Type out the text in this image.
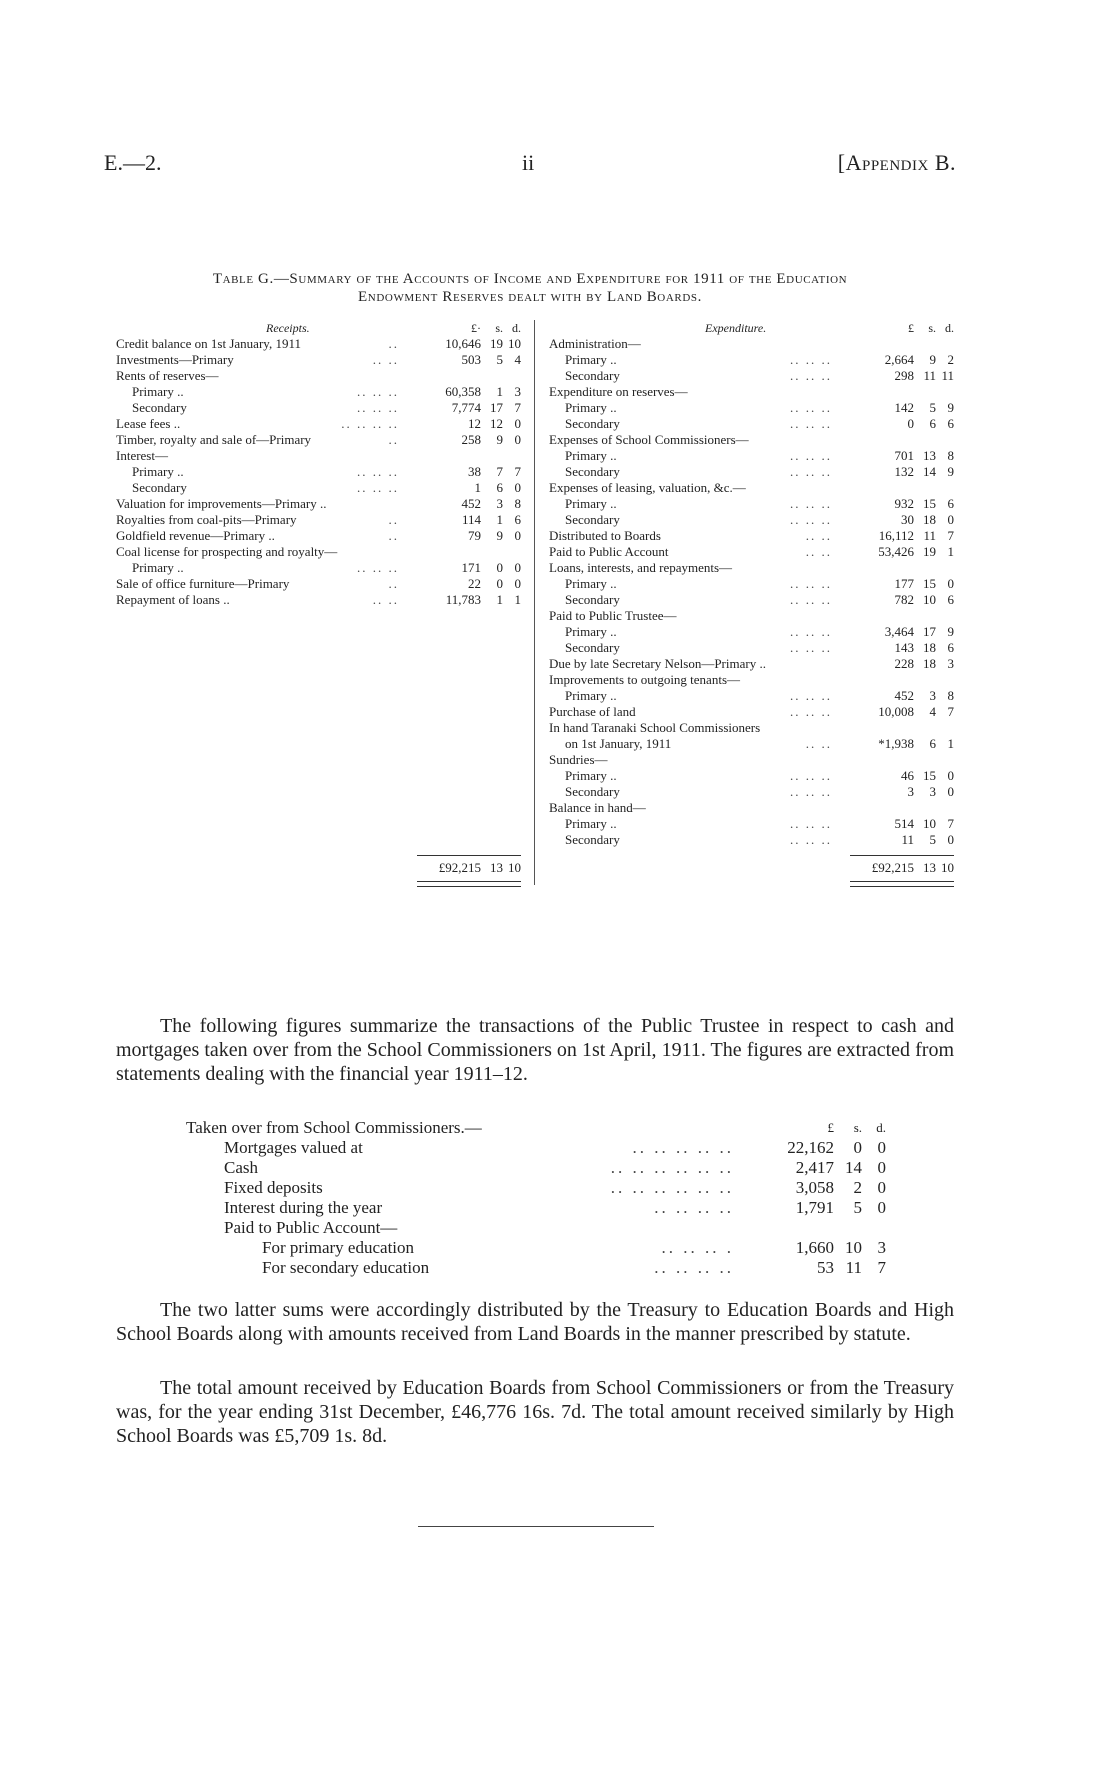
E.—2.	ii	[Appendix B.
Table G.—Summary of the Accounts of Income and Expenditure for 1911 of the Education
Endowment Reserves dealt with by Land Boards.
Receipts.	£·	s. d.
Credit balance on 1st January, 1911	..	10,646 19 10
Investments—Primary	.. ..	503	5 4
Rents of reserves—
Primary ..	.. .. ..	60,358	1 3
Secondary	.. .. ..	7,774 17 7
Lease fees ..	.. .. .. ..	12 12 0
Timber, royalty and sale of—Primary	..	258	9 0
Interest—
Primary ..	.. .. ..	38	7 7
Secondary	.. .. ..	1	6 0
Valuation for improvements—Primary ..	452	3 8
Royalties from coal-pits—Primary	..	114	1 6
Goldfield revenue—Primary ..	..	79	9 0
Coal license for prospecting and royalty—
Primary ..	.. .. ..	171	0 0
Sale of office furniture—Primary	..	22	0 0
Repayment of loans ..	.. ..	11,783	1 1
Expenditure.	£	s. d.
Administration—
Primary ..	.. .. ..	2,664	9 2
Secondary	.. .. ..	298 11 11
Expenditure on reserves—
Primary ..	.. .. ..	142	5 9
Secondary	.. .. ..	0	6 6
Expenses of School Commissioners—
Primary ..	.. .. ..	701 13 8
Secondary	.. .. ..	132 14 9
Expenses of leasing, valuation, &c.—
Primary ..	.. .. ..	932 15 6
Secondary	.. .. ..	30 18 0
Distributed to Boards	.. ..	16,112 11 7
Paid to Public Account	.. ..	53,426 19 1
Loans, interests, and repayments—
Primary ..	.. .. ..	177 15 0
Secondary	.. .. ..	782 10 6
Paid to Public Trustee—
Primary ..	.. .. ..	3,464 17 9
Secondary	.. .. ..	143 18 6
Due by late Secretary Nelson—Primary ..	228 18 3
Improvements to outgoing tenants—
Primary ..	.. .. ..	452	3 8
Purchase of land	.. .. ..	10,008	4 7
In hand Taranaki School Commissioners
on 1st January, 1911	.. ..	*1,938	6 1
Sundries—
Primary ..	.. .. ..	46 15 0
Secondary	.. .. ..	3	3 0
Balance in hand—
Primary ..	.. .. ..	514 10 7
Secondary	.. .. ..	11	5 0
£92,215 13 10	£92,215 13 10
The following figures summarize the transactions of the Public Trustee in respect to cash and mortgages taken over from the School Commissioners on 1st April, 1911. The figures are extracted from statements dealing with the financial year 1911–12.
Taken over from School Commissioners.—	£	s.	d.
Mortgages valued at	.. .. .. .. ..	22,162	0 0
Cash	.. .. .. .. .. ..	2,417 14 0
Fixed deposits	.. .. .. .. .. ..	3,058	2 0
Interest during the year	.. .. .. ..	1,791	5 0
Paid to Public Account—
For primary education	.. .. .. .	1,660 10 3
For secondary education	.. .. .. ..	53 11 7
The two latter sums were accordingly distributed by the Treasury to Education Boards and High School Boards along with amounts received from Land Boards in the manner prescribed by statute.
The total amount received by Education Boards from School Commissioners or from the Treasury was, for the year ending 31st December, £46,776 16s. 7d. The total amount received similarly by High School Boards was £5,709 1s. 8d.
